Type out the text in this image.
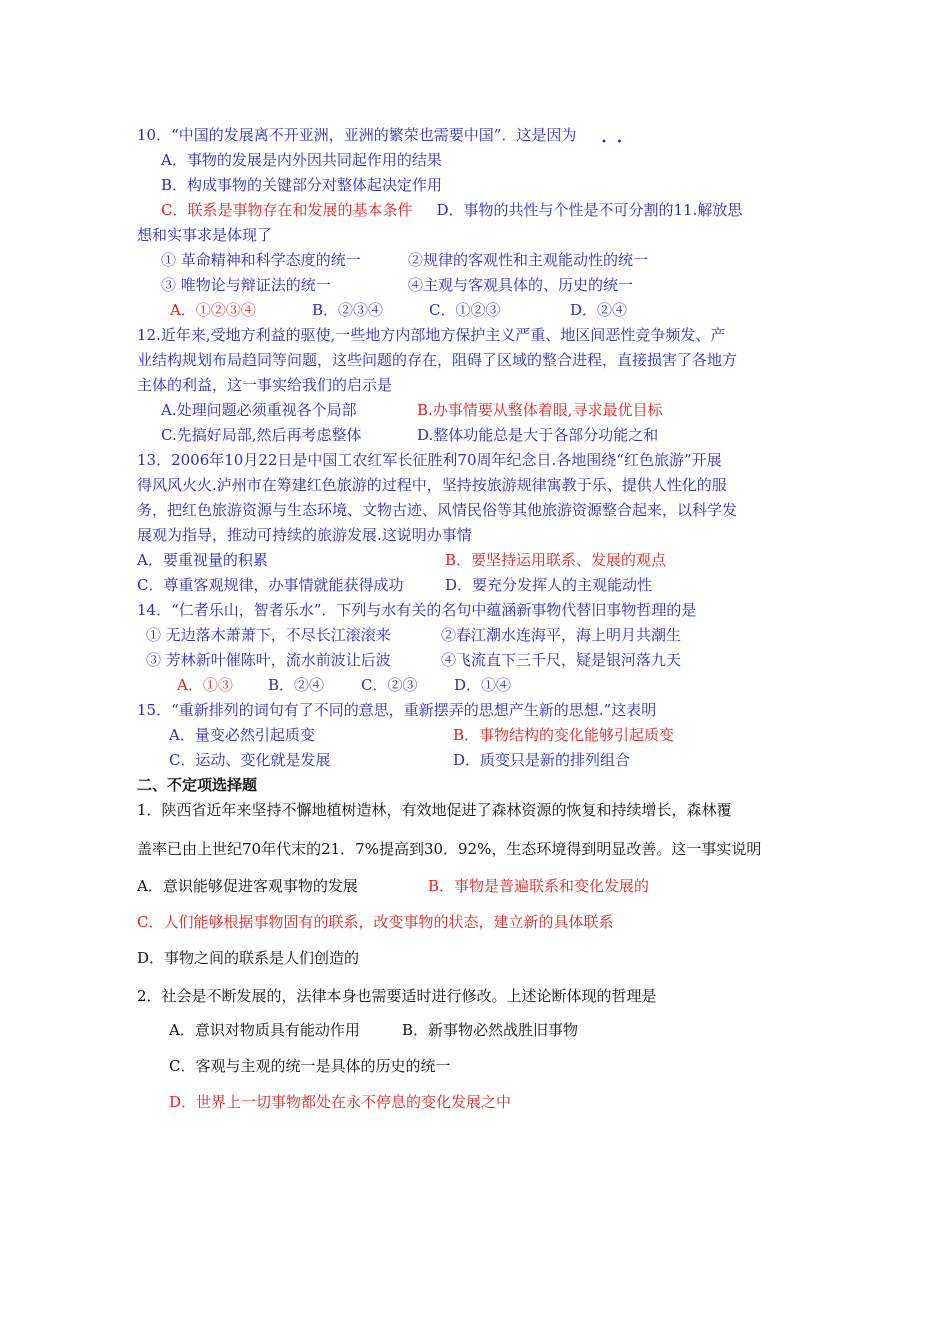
10．“中国的发展离不开亚洲，亚洲的繁荣也需要中国”．这是因为 •   •
A．事物的发展是内外因共同起作用的结果
B．构成事物的关键部分对整体起决定作用
C．联系是事物存在和发展的基本条件 D．事物的共性与个性是不可分割的11.解放思
想和实事求是体现了
① 革命精神和科学态度的统一	②规律的客观性和主观能动性的统一
③ 唯物论与辩证法的统一	④主观与客观具体的、历史的统一
A．①②③④	B．②③④	C．①②③	D．②④
12.近年来,受地方利益的驱使,一些地方内部地方保护主义严重、地区间恶性竞争频发、产
业结构规划布局趋同等问题，这些问题的存在，阻碍了区域的整合进程，直接损害了各地方
主体的利益，这一事实给我们的启示是
A.处理问题必须重视各个局部	B.办事情要从整体着眼,寻求最优目标
C.先搞好局部,然后再考虑整体	D.整体功能总是大于各部分功能之和
13．2006年10月22日是中国工农红军长征胜利70周年纪念日.各地围绕“红色旅游”开展
得风风火火.泸州市在筹建红色旅游的过程中，坚持按旅游规律寓教于乐、提供人性化的服
务，把红色旅游资源与生态环境、文物古迹、风情民俗等其他旅游资源整合起来，以科学发
展观为指导，推动可持续的旅游发展.这说明办事情
A．要重视量的积累	B．要坚持运用联系、发展的观点
C．尊重客观规律，办事情就能获得成功	D．要充分发挥人的主观能动性
14．“仁者乐山，智者乐水”．下列与水有关的名句中蕴涵新事物代替旧事物哲理的是
① 无边落木萧萧下，不尽长江滚滚来	②春江潮水连海平，海上明月共潮生
③ 芳林新叶催陈叶，流水前波让后波	④飞流直下三千尺，疑是银河落九天
A．①③ B．②④ C．②③ D．①④
15．“重新排列的词句有了不同的意思，重新摆弄的思想产生新的思想.”这表明
A．量变必然引起质变	B．事物结构的变化能够引起质变
C．运动、变化就是发展	D．质变只是新的排列组合
二、不定项选择题
1．陕西省近年来坚持不懈地植树造林，有效地促进了森林资源的恢复和持续增长，森林覆
盖率已由上世纪70年代末的21．7%提高到30．92%，生态环境得到明显改善。这一事实说明
A．意识能够促进客观事物的发展	B．事物是普遍联系和变化发展的
C．人们能够根据事物固有的联系，改变事物的状态，建立新的具体联系
D．事物之间的联系是人们创造的
2．社会是不断发展的，法律本身也需要适时进行修改。上述论断体现的哲理是
A．意识对物质具有能动作用	B．新事物必然战胜旧事物
C．客观与主观的统一是具体的历史的统一
D．世界上一切事物都处在永不停息的变化发展之中
